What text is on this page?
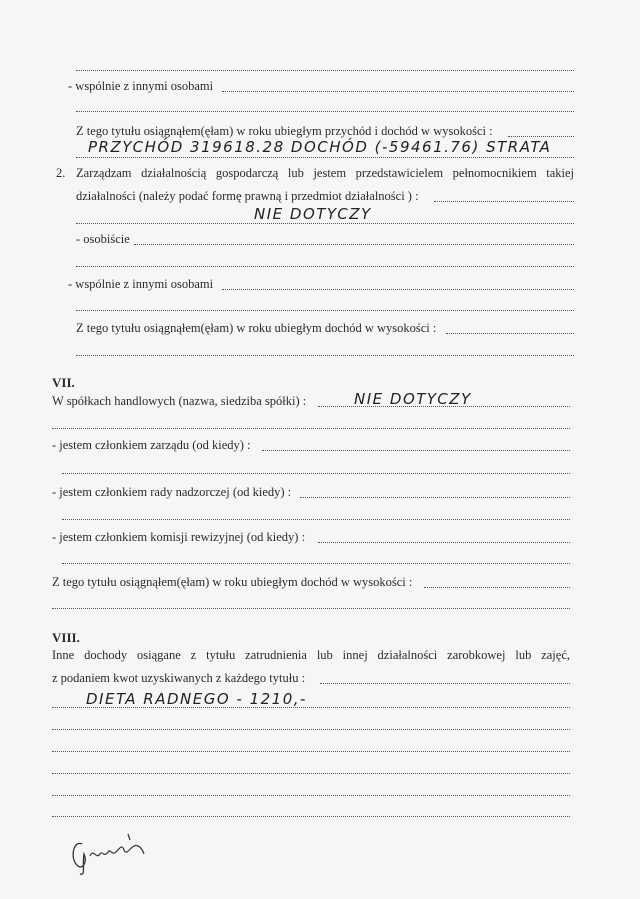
- wspólnie z innymi osobami
Z tego tytułu osiągnąłem(ęłam) w roku ubiegłym przychód i dochód w wysokości :
PRZYCHÓD 319618.28 DOCHÓD (-59461.76) STRATA
2. Zarządzam działalnością gospodarczą lub jestem przedstawicielem pełnomocnikiem takiej
działalności (należy podać formę prawną i przedmiot działalności ) :
NIE DOTYCZY
- osobiście
- wspólnie z innymi osobami
Z tego tytułu osiągnąłem(ęłam) w roku ubiegłym dochód w wysokości :
VII.
W spółkach handlowych (nazwa, siedziba spółki) :	NIE DOTYCZY
- jestem członkiem zarządu (od kiedy) :
- jestem członkiem rady nadzorczej (od kiedy) :
- jestem członkiem komisji rewizyjnej (od kiedy) :
Z tego tytułu osiągnąłem(ęłam) w roku ubiegłym dochód w wysokości :
VIII.
Inne dochody osiągane z tytułu zatrudnienia lub innej działalności zarobkowej lub zajęć,
z podaniem kwot uzyskiwanych z każdego tytułu :
DIETA RADNEGO - 1210,-
